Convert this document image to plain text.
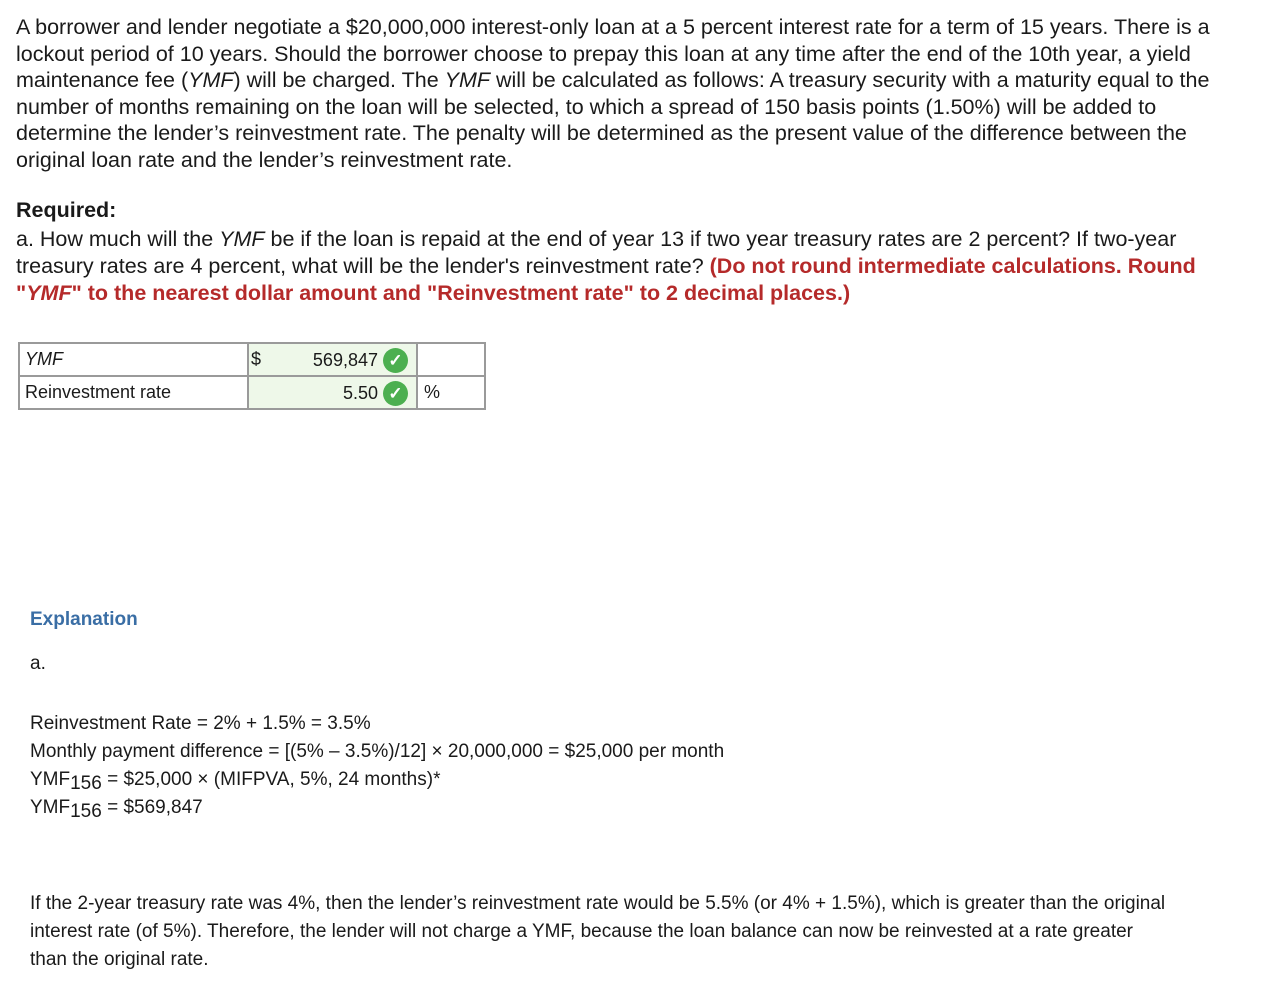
A borrower and lender negotiate a $20,000,000 interest-only loan at a 5 percent interest rate for a term of 15 years. There is a lockout period of 10 years. Should the borrower choose to prepay this loan at any time after the end of the 10th year, a yield maintenance fee (YMF) will be charged. The YMF will be calculated as follows: A treasury security with a maturity equal to the number of months remaining on the loan will be selected, to which a spread of 150 basis points (1.50%) will be added to determine the lender’s reinvestment rate. The penalty will be determined as the present value of the difference between the original loan rate and the lender’s reinvestment rate.

Required:

a. How much will the YMF be if the loan is repaid at the end of year 13 if two year treasury rates are 2 percent? If two-year treasury rates are 4 percent, what will be the lender's reinvestment rate? (Do not round intermediate calculations. Round "YMF" to the nearest dollar amount and "Reinvestment rate" to 2 decimal places.)

YMF	$ 569,847 ✓	

Reinvestment rate	5.50 ✓	%

Explanation

a.

Reinvestment Rate = 2% + 1.5% = 3.5%
Monthly payment difference = [(5% – 3.5%)/12] × 20,000,000 = $25,000 per month
YMF156 = $25,000 × (MIFPVA, 5%, 24 months)*
YMF156 = $569,847

If the 2-year treasury rate was 4%, then the lender’s reinvestment rate would be 5.5% (or 4% + 1.5%), which is greater than the original interest rate (of 5%). Therefore, the lender will not charge a YMF, because the loan balance can now be reinvested at a rate greater than the original rate.
